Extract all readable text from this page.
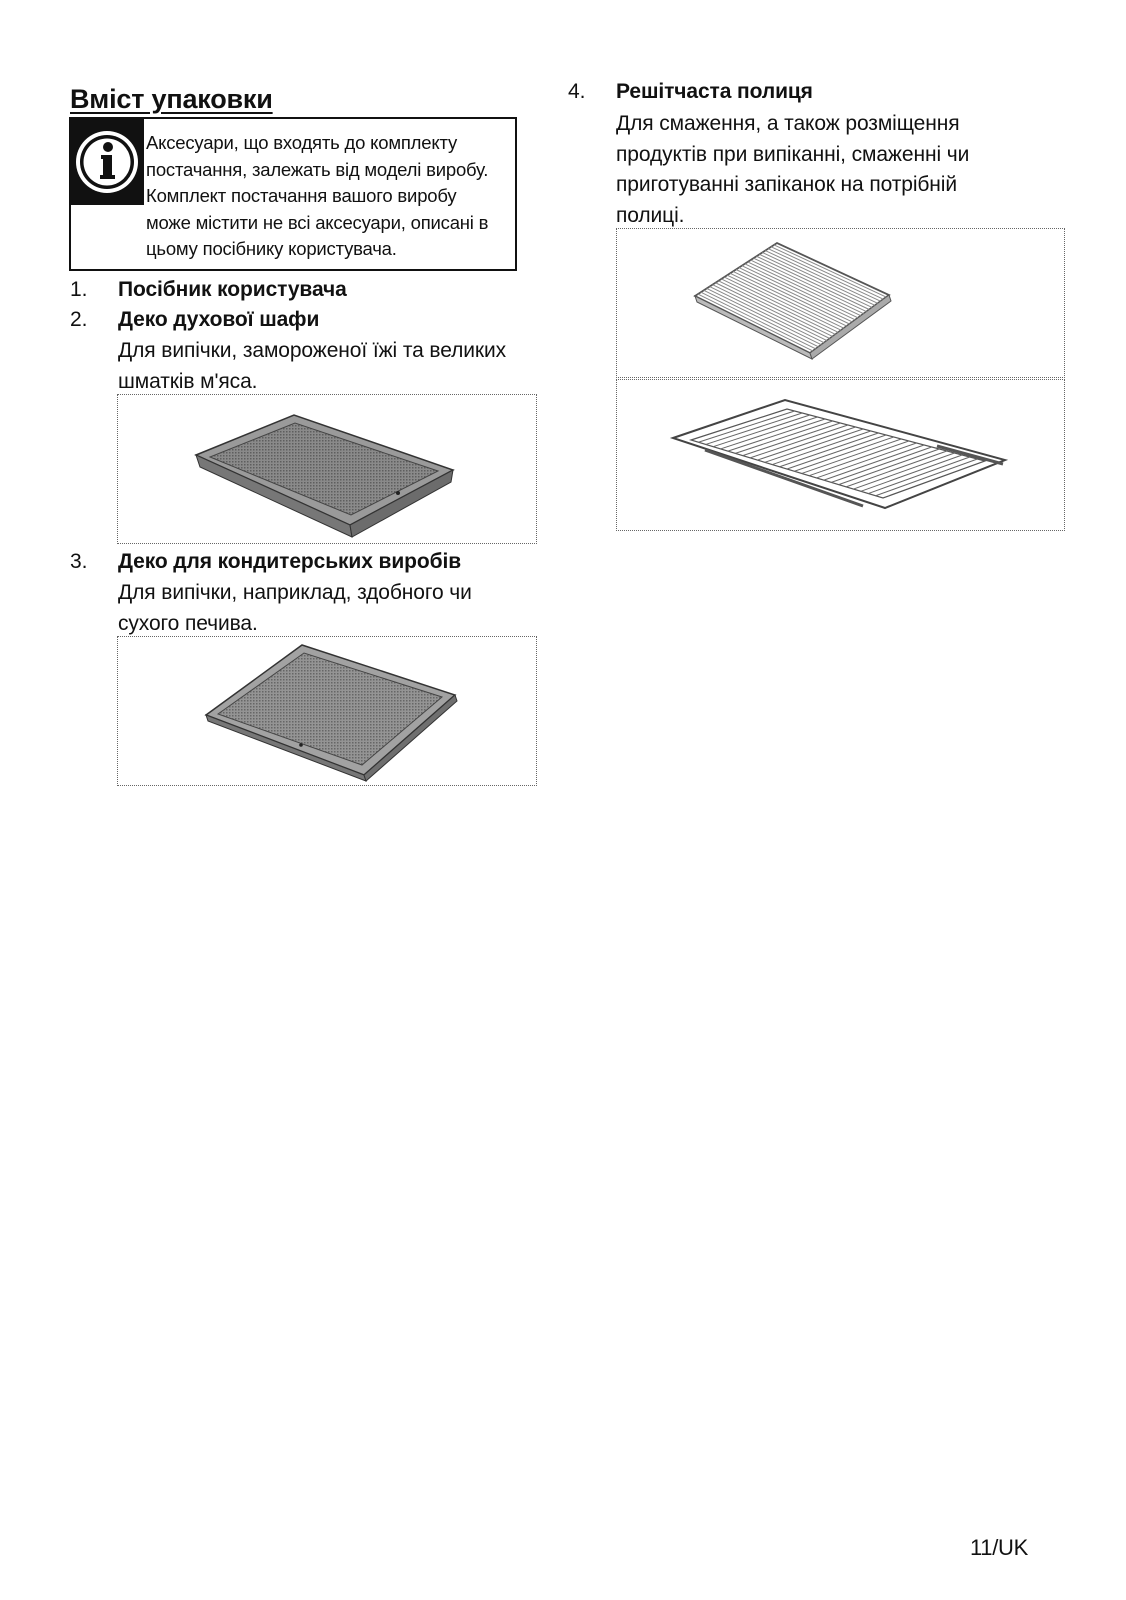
Вміст упаковки
Аксесуари, що входять до комплекту
постачання, залежать від моделі виробу.
Комплект постачання вашого виробу
може містити не всі аксесуари, описані в
цьому посібнику користувача.
1. Посібник користувача
2. Деко духової шафи
Для випічки, замороженої їжі та великих
шматків м'яса.
3. Деко для кондитерських виробів
Для випічки, наприклад, здобного чи
сухого печива.
4. Решітчаста полиця
Для смаження, а також розміщення
продуктів при випіканні, смаженні чи
приготуванні запіканок на потрібній
полиці.
11/UK
